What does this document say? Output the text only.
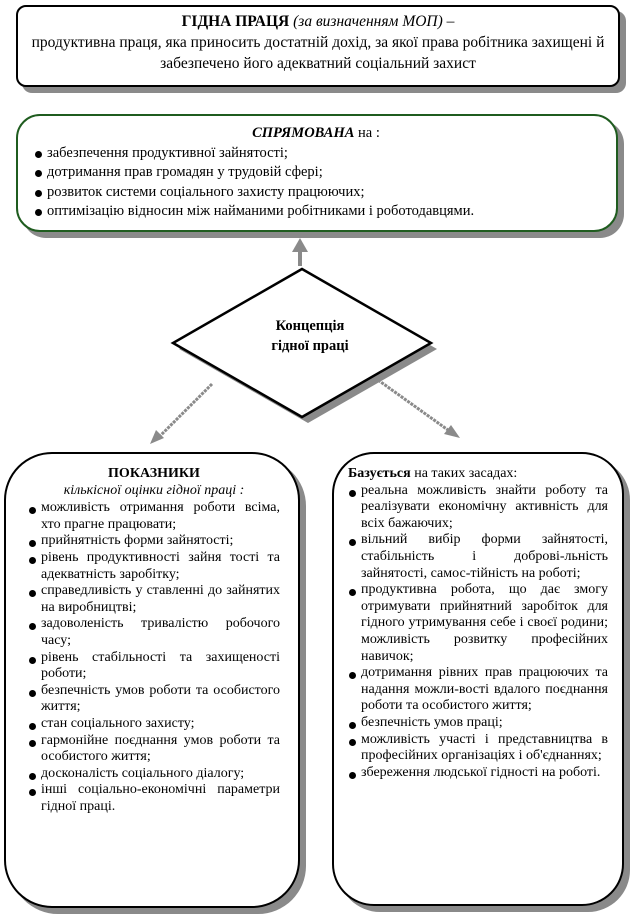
ГІДНА ПРАЦЯ (за визначенням МОП) –
продуктивна праця, яка приносить достатній дохід, за якої права робітника захищені й забезпечено його адекватний соціальний захист
СПРЯМОВАНА на :
забезпечення продуктивної зайнятості;
дотримання прав громадян у трудовій сфері;
розвиток системи соціального захисту працюючих;
оптимізацію відносин між найманими робітниками і роботодавцями.
Концепція
гідної праці
ПОКАЗНИКИ
кількісної оцінки гідної праці :
можливість отримання роботи всіма, хто прагне працювати;
прийнятність форми зайнятості;
рівень продуктивності зайня тості та адекватність заробітку;
справедливість у ставленні до зайнятих на виробництві;
задоволеність тривалістю робочого часу;
рівень стабільності та захищеності роботи;
безпечність умов роботи та особистого життя;
стан соціального захисту;
гармонійне поєднання умов роботи та особистого життя;
досконалість соціального діалогу;
інші соціально-економічні параметри гідної праці.
Базується на таких засадах:
реальна можливість знайти роботу та реалізувати економічну активність для всіх бажаючих;
вільний вибір форми зайнятості, стабільність і доброві-льність зайнятості, самос-тійність на роботі;
продуктивна робота, що дає змогу отримувати прийнятний заробіток для гідного утримування себе і своєї родини; можливість розвитку професійних навичок;
дотримання рівних прав працюючих та надання можли-вості вдалого поєднання роботи та особистого життя;
безпечність умов праці;
можливість участі і представництва в професійних організаціях і об'єднаннях;
збереження людської гідності на роботі.
